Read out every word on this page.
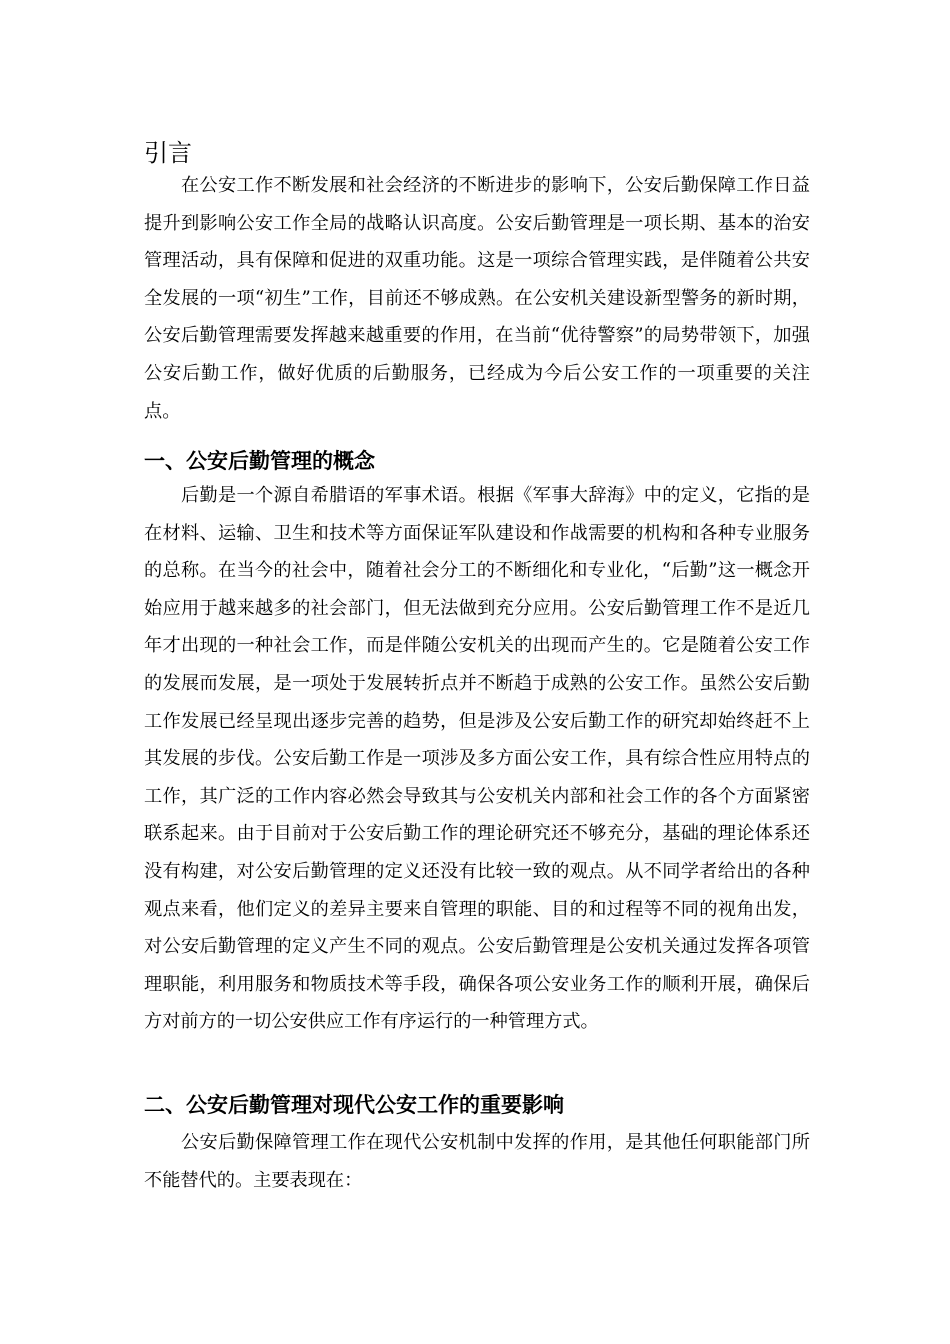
引言

在公安工作不断发展和社会经济的不断进步的影响下，公安后勤保障工作日益提升到影响公安工作全局的战略认识高度。公安后勤管理是一项长期、基本的治安管理活动，具有保障和促进的双重功能。这是一项综合管理实践，是伴随着公共安全发展的一项“初生”工作，目前还不够成熟。在公安机关建设新型警务的新时期，公安后勤管理需要发挥越来越重要的作用，在当前“优待警察”的局势带领下，加强公安后勤工作，做好优质的后勤服务，已经成为今后公安工作的一项重要的关注点。

一、公安后勤管理的概念

后勤是一个源自希腊语的军事术语。根据《军事大辞海》中的定义，它指的是在材料、运输、卫生和技术等方面保证军队建设和作战需要的机构和各种专业服务的总称。在当今的社会中，随着社会分工的不断细化和专业化，“后勤”这一概念开始应用于越来越多的社会部门，但无法做到充分应用。公安后勤管理工作不是近几年才出现的一种社会工作，而是伴随公安机关的出现而产生的。它是随着公安工作的发展而发展，是一项处于发展转折点并不断趋于成熟的公安工作。虽然公安后勤工作发展已经呈现出逐步完善的趋势，但是涉及公安后勤工作的研究却始终赶不上其发展的步伐。公安后勤工作是一项涉及多方面公安工作，具有综合性应用特点的工作，其广泛的工作内容必然会导致其与公安机关内部和社会工作的各个方面紧密联系起来。由于目前对于公安后勤工作的理论研究还不够充分，基础的理论体系还没有构建，对公安后勤管理的定义还没有比较一致的观点。从不同学者给出的各种观点来看，他们定义的差异主要来自管理的职能、目的和过程等不同的视角出发，对公安后勤管理的定义产生不同的观点。公安后勤管理是公安机关通过发挥各项管理职能，利用服务和物质技术等手段，确保各项公安业务工作的顺利开展，确保后方对前方的一切公安供应工作有序运行的一种管理方式。

二、公安后勤管理对现代公安工作的重要影响

公安后勤保障管理工作在现代公安机制中发挥的作用，是其他任何职能部门所不能替代的。主要表现在：
